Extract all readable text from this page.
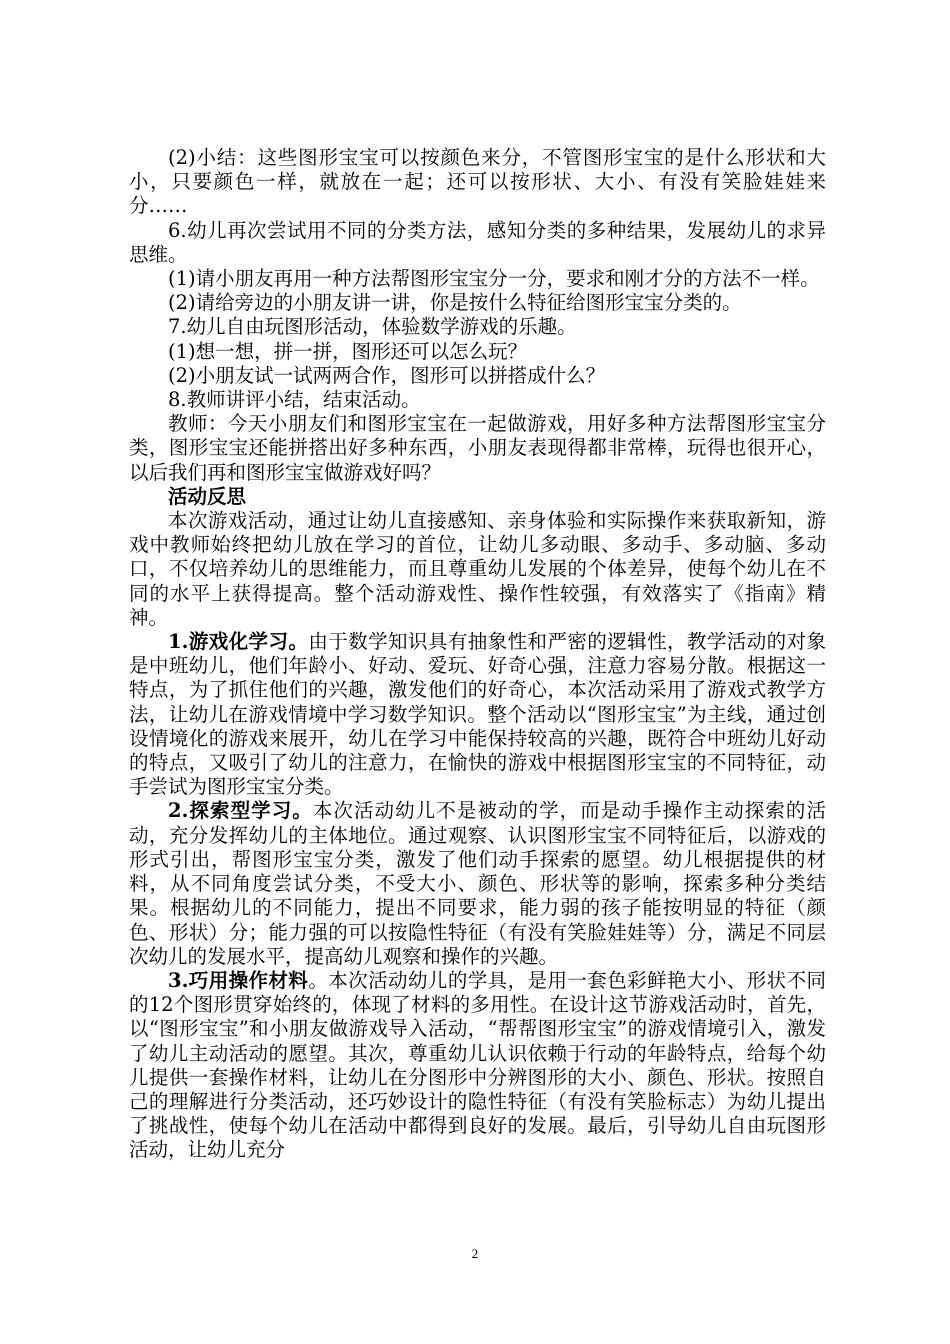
(2)小结：这些图形宝宝可以按颜色来分，不管图形宝宝的是什么形状和大小，只要颜色一样，就放在一起；还可以按形状、大小、有没有笑脸娃娃来分……

6.幼儿再次尝试用不同的分类方法，感知分类的多种结果，发展幼儿的求异思维。

(1)请小朋友再用一种方法帮图形宝宝分一分，要求和刚才分的方法不一样。

(2)请给旁边的小朋友讲一讲，你是按什么特征给图形宝宝分类的。

7.幼儿自由玩图形活动，体验数学游戏的乐趣。

(1)想一想，拼一拼，图形还可以怎么玩？

(2)小朋友试一试两两合作，图形可以拼搭成什么？

8.教师讲评小结，结束活动。

教师：今天小朋友们和图形宝宝在一起做游戏，用好多种方法帮图形宝宝分类，图形宝宝还能拼搭出好多种东西，小朋友表现得都非常棒，玩得也很开心，以后我们再和图形宝宝做游戏好吗？

活动反思

本次游戏活动，通过让幼儿直接感知、亲身体验和实际操作来获取新知，游戏中教师始终把幼儿放在学习的首位，让幼儿多动眼、多动手、多动脑、多动口，不仅培养幼儿的思维能力，而且尊重幼儿发展的个体差异，使每个幼儿在不同的水平上获得提高。整个活动游戏性、操作性较强，有效落实了《指南》精神。

1.游戏化学习。由于数学知识具有抽象性和严密的逻辑性，教学活动的对象是中班幼儿，他们年龄小、好动、爱玩、好奇心强，注意力容易分散。根据这一特点，为了抓住他们的兴趣，激发他们的好奇心，本次活动采用了游戏式教学方法，让幼儿在游戏情境中学习数学知识。整个活动以“图形宝宝”为主线，通过创设情境化的游戏来展开，幼儿在学习中能保持较高的兴趣，既符合中班幼儿好动的特点，又吸引了幼儿的注意力，在愉快的游戏中根据图形宝宝的不同特征，动手尝试为图形宝宝分类。

2.探索型学习。本次活动幼儿不是被动的学，而是动手操作主动探索的活动，充分发挥幼儿的主体地位。通过观察、认识图形宝宝不同特征后，以游戏的形式引出，帮图形宝宝分类，激发了他们动手探索的愿望。幼儿根据提供的材料，从不同角度尝试分类，不受大小、颜色、形状等的影响，探索多种分类结果。根据幼儿的不同能力，提出不同要求，能力弱的孩子能按明显的特征（颜色、形状）分；能力强的可以按隐性特征（有没有笑脸娃娃等）分，满足不同层次幼儿的发展水平，提高幼儿观察和操作的兴趣。

3.巧用操作材料。本次活动幼儿的学具，是用一套色彩鲜艳大小、形状不同的12个图形贯穿始终的，体现了材料的多用性。在设计这节游戏活动时，首先，以“图形宝宝”和小朋友做游戏导入活动，“帮帮图形宝宝”的游戏情境引入，激发了幼儿主动活动的愿望。其次，尊重幼儿认识依赖于行动的年龄特点，给每个幼儿提供一套操作材料，让幼儿在分图形中分辨图形的大小、颜色、形状。按照自己的理解进行分类活动，还巧妙设计的隐性特征（有没有笑脸标志）为幼儿提出了挑战性，使每个幼儿在活动中都得到良好的发展。最后，引导幼儿自由玩图形活动，让幼儿充分

2
